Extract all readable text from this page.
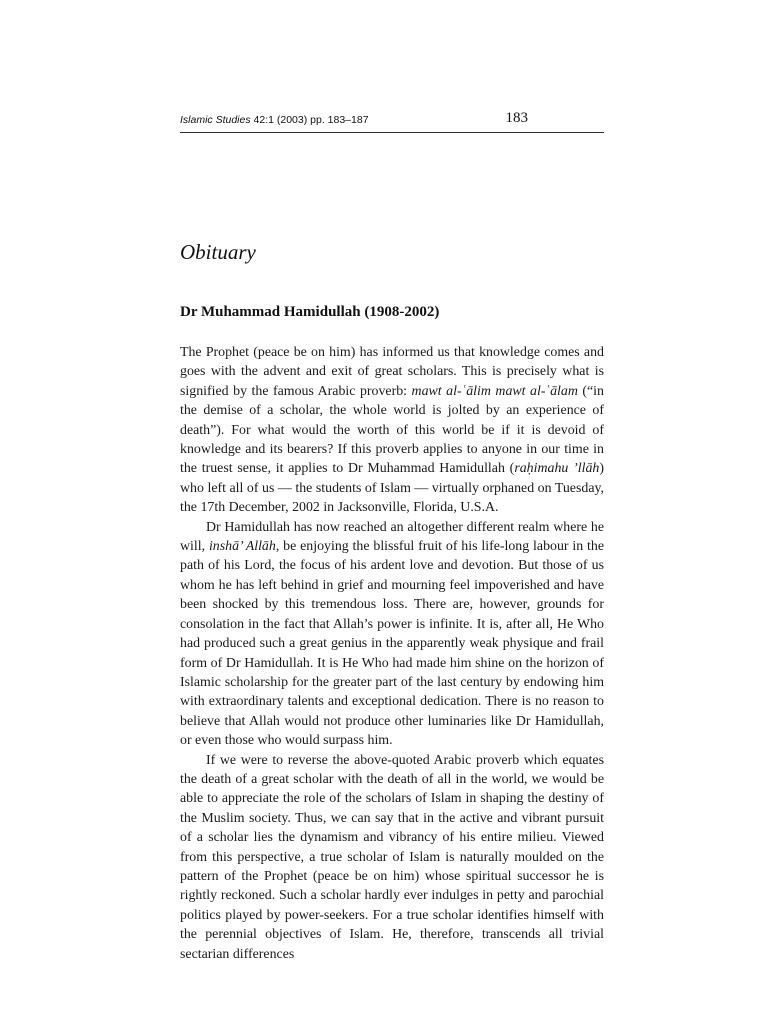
Islamic Studies 42:1 (2003) pp. 183–187	183
Obituary
Dr Muhammad Hamidullah (1908-2002)

The Prophet (peace be on him) has informed us that knowledge comes and goes with the advent and exit of great scholars. This is precisely what is signified by the famous Arabic proverb: mawt al-ʿālim mawt al-ʿālam (“in the demise of a scholar, the whole world is jolted by an experience of death”). For what would the worth of this world be if it is devoid of knowledge and its bearers? If this proverb applies to anyone in our time in the truest sense, it applies to Dr Muhammad Hamidullah (raḥimahu ’llāh) who left all of us — the students of Islam — virtually orphaned on Tuesday, the 17th December, 2002 in Jacksonville, Florida, U.S.A.

Dr Hamidullah has now reached an altogether different realm where he will, inshā’ Allāh, be enjoying the blissful fruit of his life-long labour in the path of his Lord, the focus of his ardent love and devotion. But those of us whom he has left behind in grief and mourning feel impoverished and have been shocked by this tremendous loss. There are, however, grounds for consolation in the fact that Allah’s power is infinite. It is, after all, He Who had produced such a great genius in the apparently weak physique and frail form of Dr Hamidullah. It is He Who had made him shine on the horizon of Islamic scholarship for the greater part of the last century by endowing him with extraordinary talents and exceptional dedication. There is no reason to believe that Allah would not produce other luminaries like Dr Hamidullah, or even those who would surpass him.

If we were to reverse the above-quoted Arabic proverb which equates the death of a great scholar with the death of all in the world, we would be able to appreciate the role of the scholars of Islam in shaping the destiny of the Muslim society. Thus, we can say that in the active and vibrant pursuit of a scholar lies the dynamism and vibrancy of his entire milieu. Viewed from this perspective, a true scholar of Islam is naturally moulded on the pattern of the Prophet (peace be on him) whose spiritual successor he is rightly reckoned. Such a scholar hardly ever indulges in petty and parochial politics played by power-seekers. For a true scholar identifies himself with the perennial objectives of Islam. He, therefore, transcends all trivial sectarian differences
